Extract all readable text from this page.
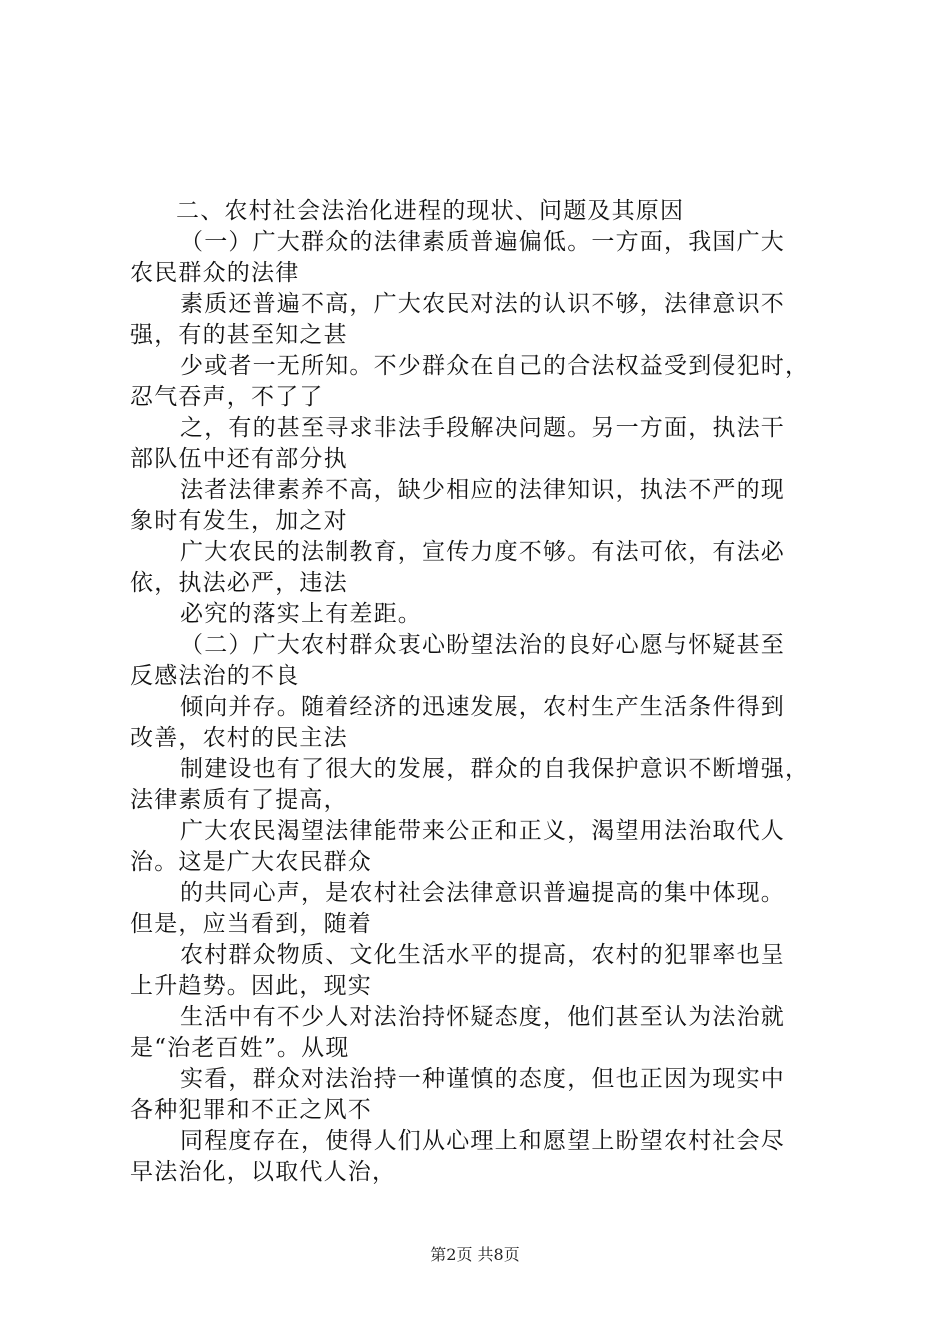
二、农村社会法治化进程的现状、问题及其原因
（一）广大群众的法律素质普遍偏低。一方面，我国广大
农民群众的法律
素质还普遍不高，广大农民对法的认识不够，法律意识不
强，有的甚至知之甚
少或者一无所知。不少群众在自己的合法权益受到侵犯时，
忍气吞声，不了了
之，有的甚至寻求非法手段解决问题。另一方面，执法干
部队伍中还有部分执
法者法律素养不高，缺少相应的法律知识，执法不严的现
象时有发生，加之对
广大农民的法制教育，宣传力度不够。有法可依，有法必
依，执法必严，违法
必究的落实上有差距。
（二）广大农村群众衷心盼望法治的良好心愿与怀疑甚至
反感法治的不良
倾向并存。随着经济的迅速发展，农村生产生活条件得到
改善，农村的民主法
制建设也有了很大的发展，群众的自我保护意识不断增强，
法律素质有了提高，
广大农民渴望法律能带来公正和正义，渴望用法治取代人
治。这是广大农民群众
的共同心声，是农村社会法律意识普遍提高的集中体现。
但是，应当看到，随着
农村群众物质、文化生活水平的提高，农村的犯罪率也呈
上升趋势。因此，现实
生活中有不少人对法治持怀疑态度，他们甚至认为法治就
是“治老百姓”。从现
实看，群众对法治持一种谨慎的态度，但也正因为现实中
各种犯罪和不正之风不
同程度存在，使得人们从心理上和愿望上盼望农村社会尽
早法治化，以取代人治，
第2页 共8页
